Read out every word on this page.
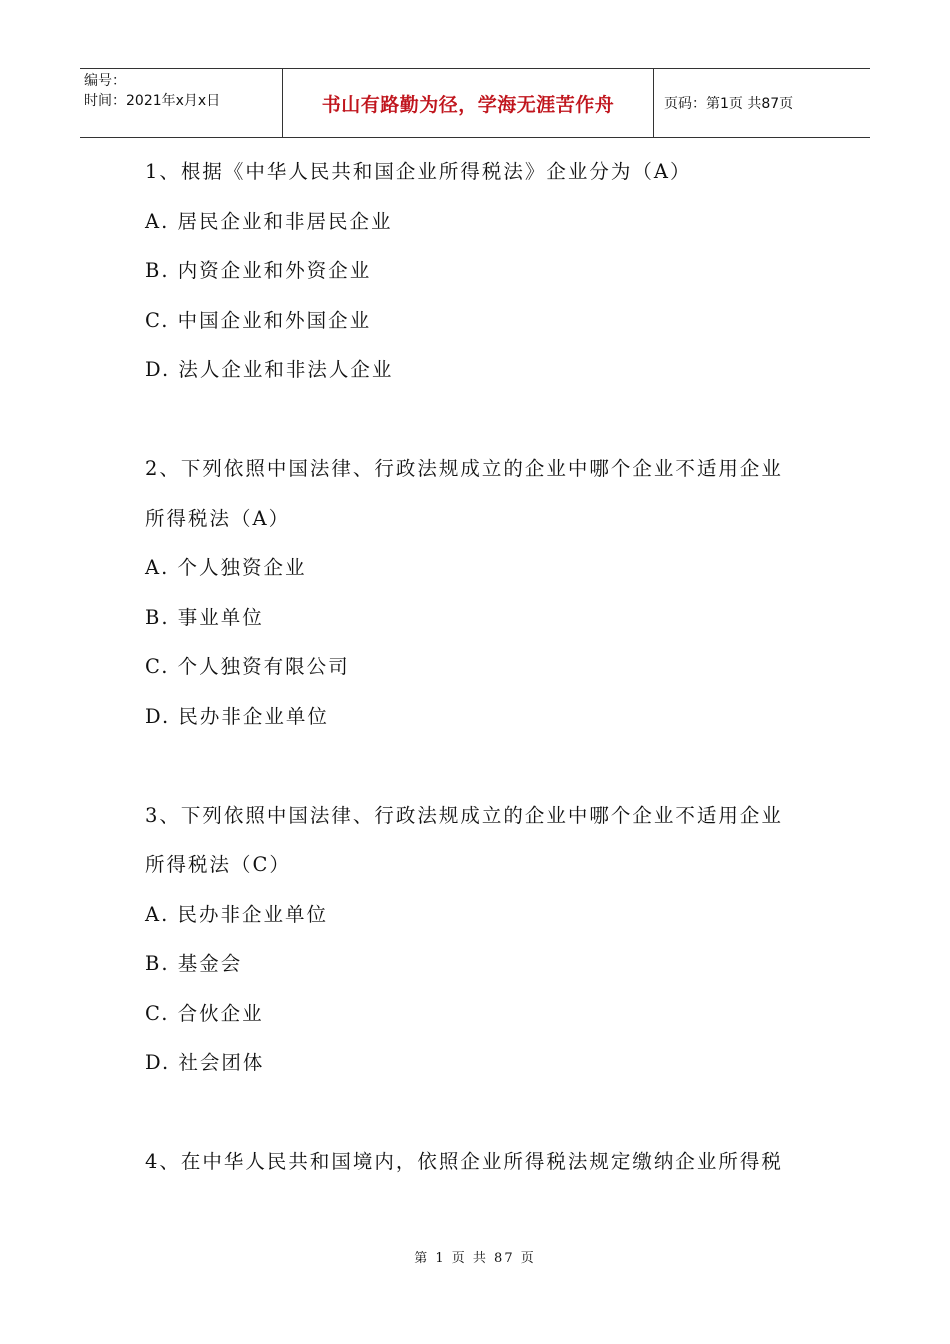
编号：
时间：2021年x月x日	书山有路勤为径，学海无涯苦作舟	页码：第1页 共87页
1、根据《中华人民共和国企业所得税法》企业分为（A）
A. 居民企业和非居民企业
B. 内资企业和外资企业
C. 中国企业和外国企业
D. 法人企业和非法人企业
2、下列依照中国法律、行政法规成立的企业中哪个企业不适用企业
所得税法（A）
A. 个人独资企业
B. 事业单位
C. 个人独资有限公司
D. 民办非企业单位
3、下列依照中国法律、行政法规成立的企业中哪个企业不适用企业
所得税法（C）
A. 民办非企业单位
B. 基金会
C. 合伙企业
D. 社会团体
4、在中华人民共和国境内，依照企业所得税法规定缴纳企业所得税
第 1 页 共 87 页
